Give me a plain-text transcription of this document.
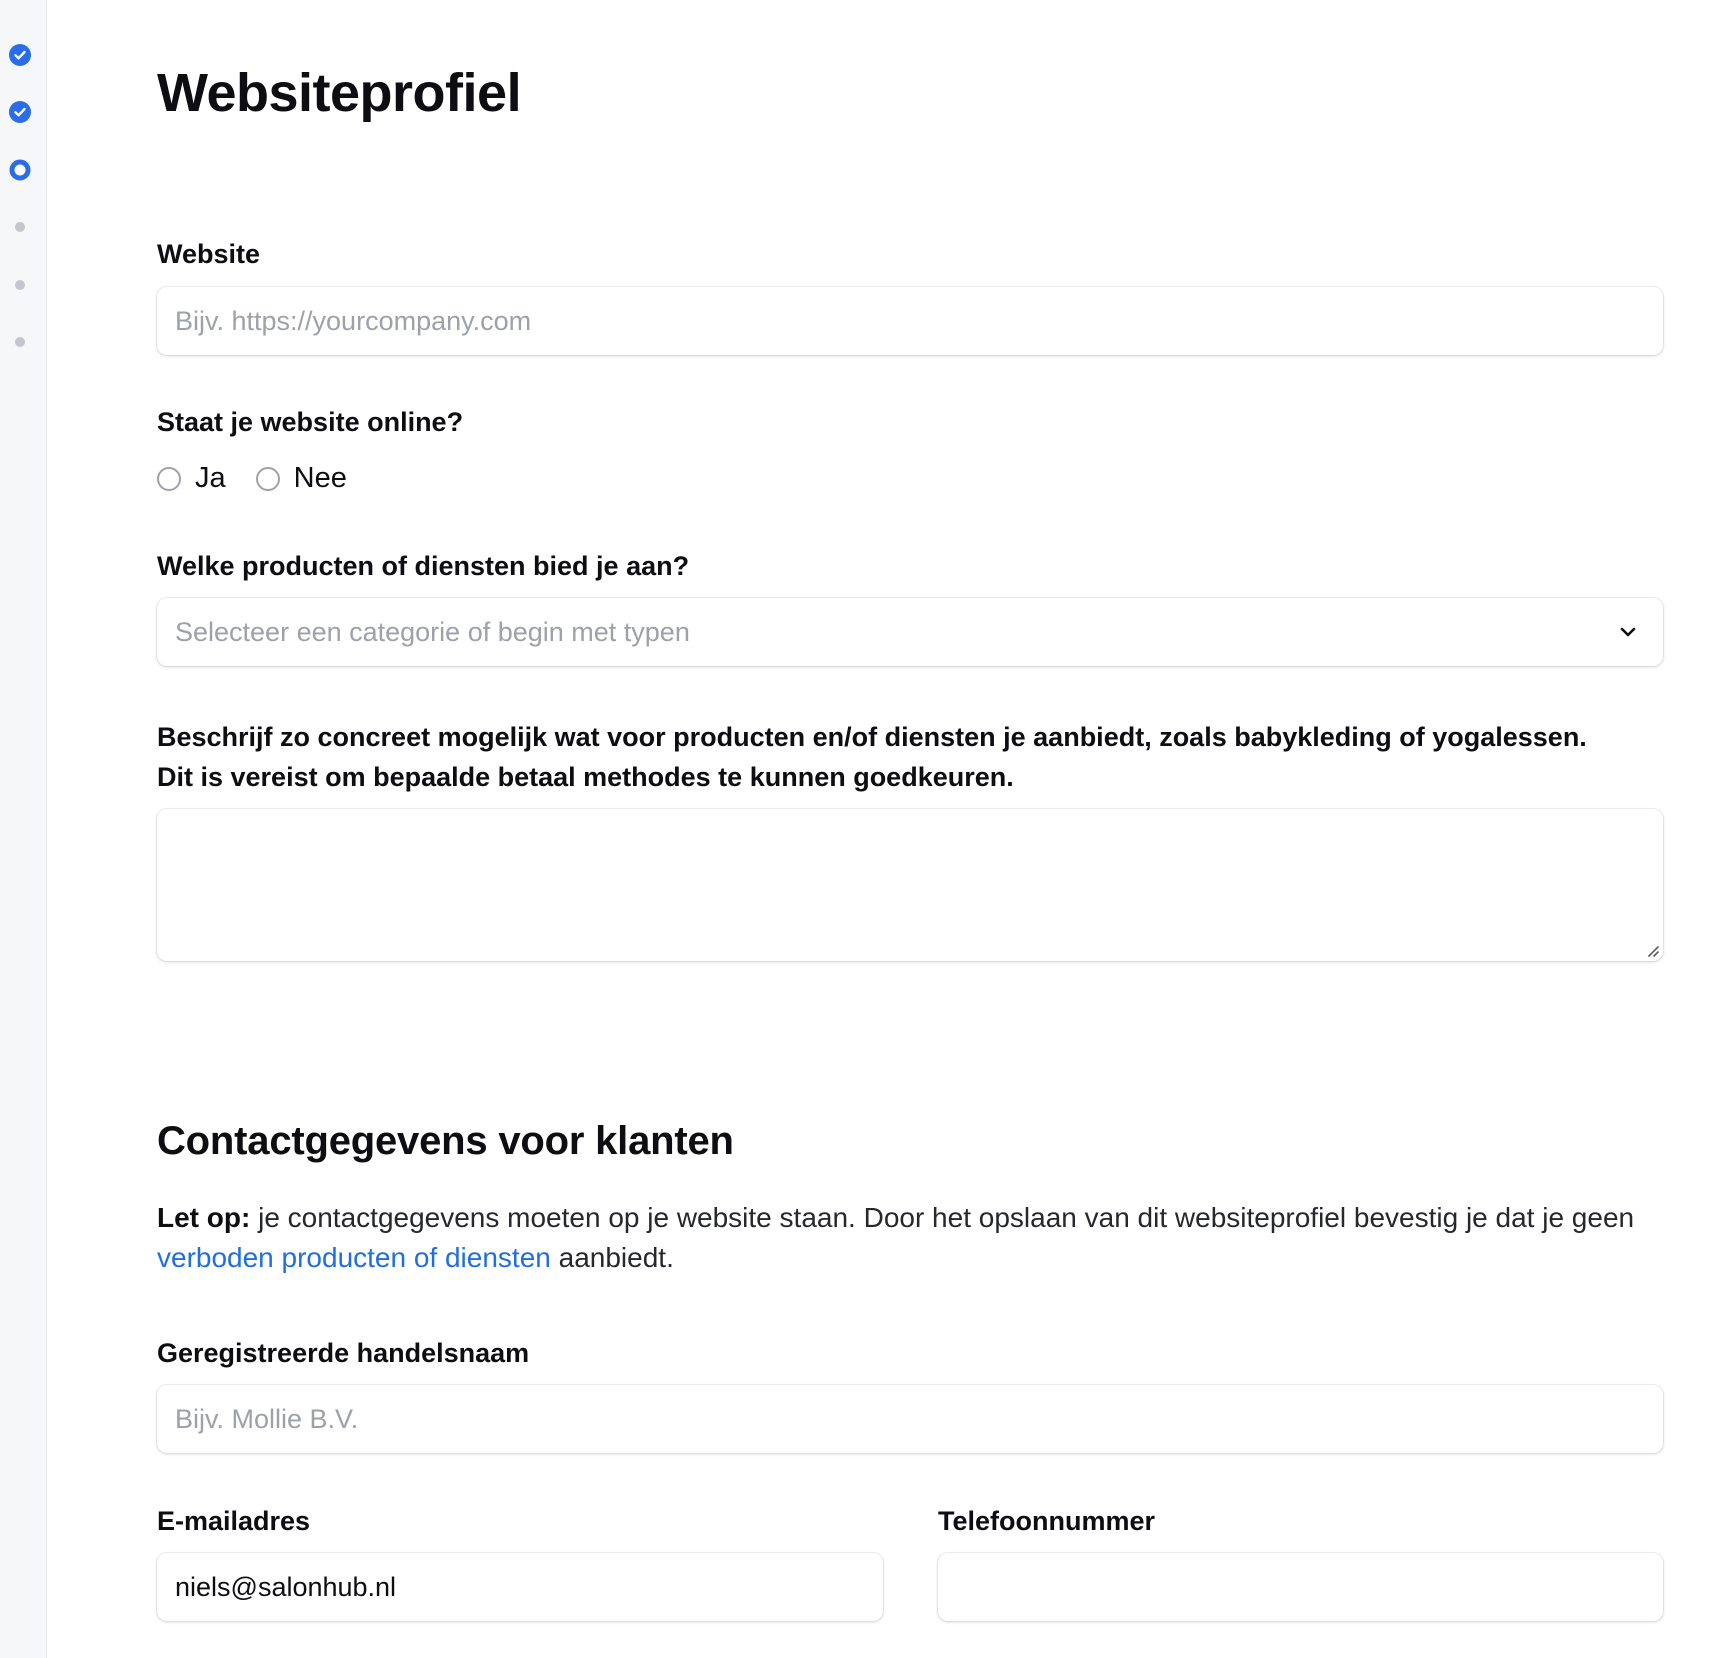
Websiteprofiel
Website
Bijv. https://yourcompany.com
Staat je website online?
Ja Nee
Welke producten of diensten bied je aan?
Selecteer een categorie of begin met typen
Beschrijf zo concreet mogelijk wat voor producten en/of diensten je aanbiedt, zoals babykleding of yogalessen.
Dit is vereist om bepaalde betaal methodes te kunnen goedkeuren.
Contactgegevens voor klanten

Let op: je contactgegevens moeten op je website staan. Door het opslaan van dit websiteprofiel bevestig je dat je geen verboden producten of diensten aanbiedt.

Geregistreerde handelsnaam
Bijv. Mollie B.V.
E-mailadres
niels@salonhub.nl	Telefoonnummer
